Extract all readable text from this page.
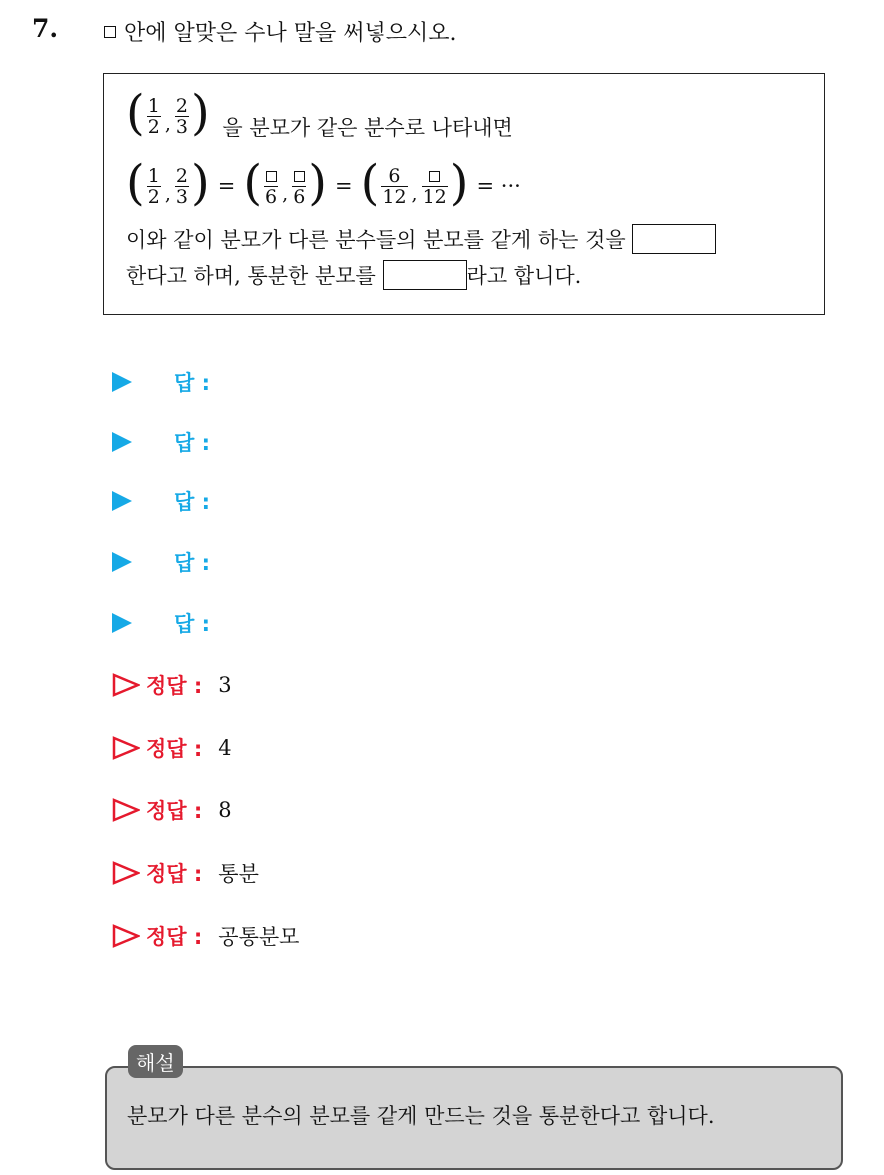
7.	안에 알맞은 수나 말을 써넣으시오.
( $\frac{1}{2}$ , $\frac{2}{3}$ ) 을 분모가 같은 분수로 나타내면
( $\frac{1}{2}$ , $\frac{2}{3}$ ) = ( 6 , 6 ) = ( $\frac{6}{12}$ , 12 ) = ···
이와 같이 분모가 다른 분수들의 분모를 같게 하는 것을
한다고 하며, 통분한 분모를	라고 합니다.
답 :
답 :
답 :
답 :
답 :
정답 : 3
정답 : 4
정답 : 8
정답 : 통분
정답 : 공통분모
분모가 다른 분수의 분모를 같게 만드는 것을 통분한다고 합니다.
해설
